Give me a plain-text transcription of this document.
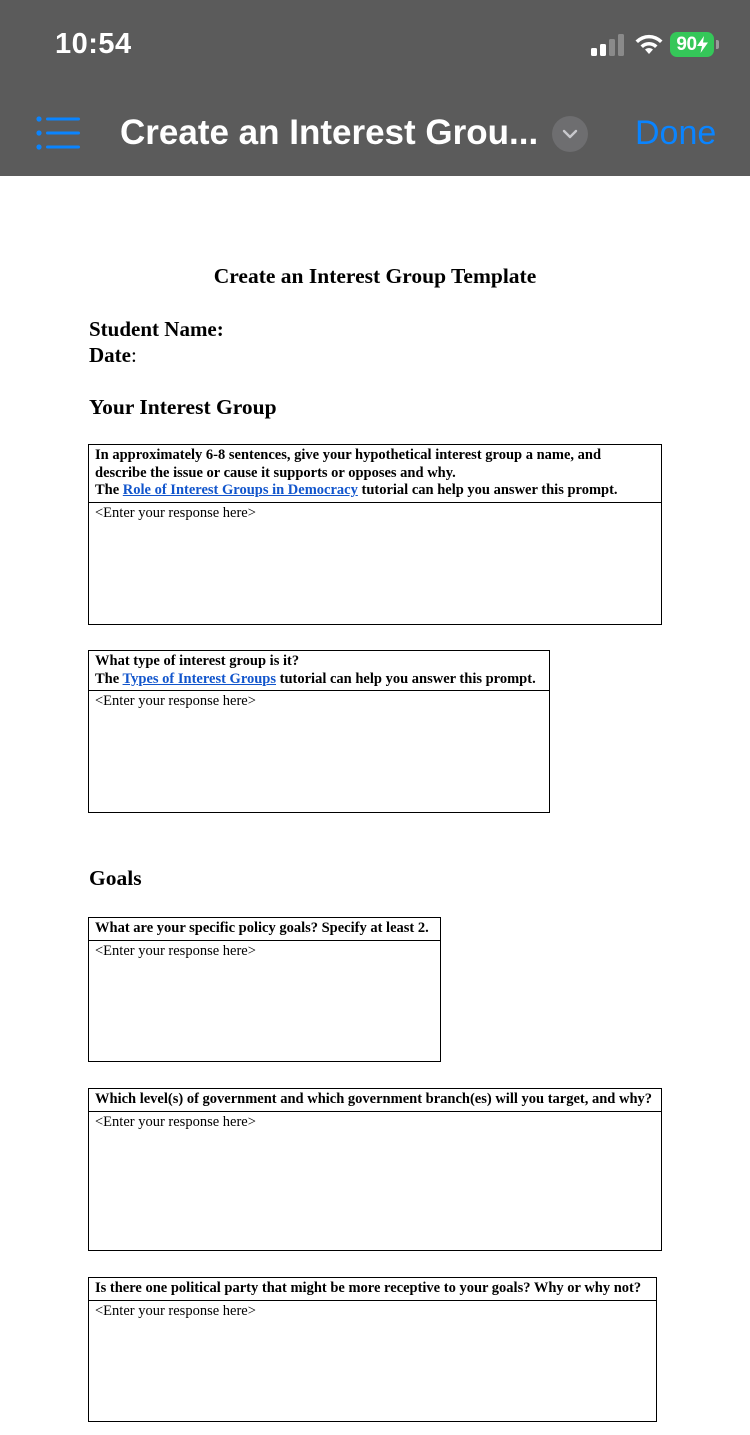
10:54	90
Create an Interest Grou...	Done
Create an Interest Group Template
Student Name:
Date:
Your Interest Group
In approximately 6-8 sentences, give your hypothetical interest group a name, and describe the issue or cause it supports or opposes and why.
The Role of Interest Groups in Democracy tutorial can help you answer this prompt.
<Enter your response here>
What type of interest group is it?
The Types of Interest Groups tutorial can help you answer this prompt.
<Enter your response here>
Goals
What are your specific policy goals? Specify at least 2.
<Enter your response here>
Which level(s) of government and which government branch(es) will you target, and why?
<Enter your response here>
Is there one political party that might be more receptive to your goals? Why or why not?
<Enter your response here>
